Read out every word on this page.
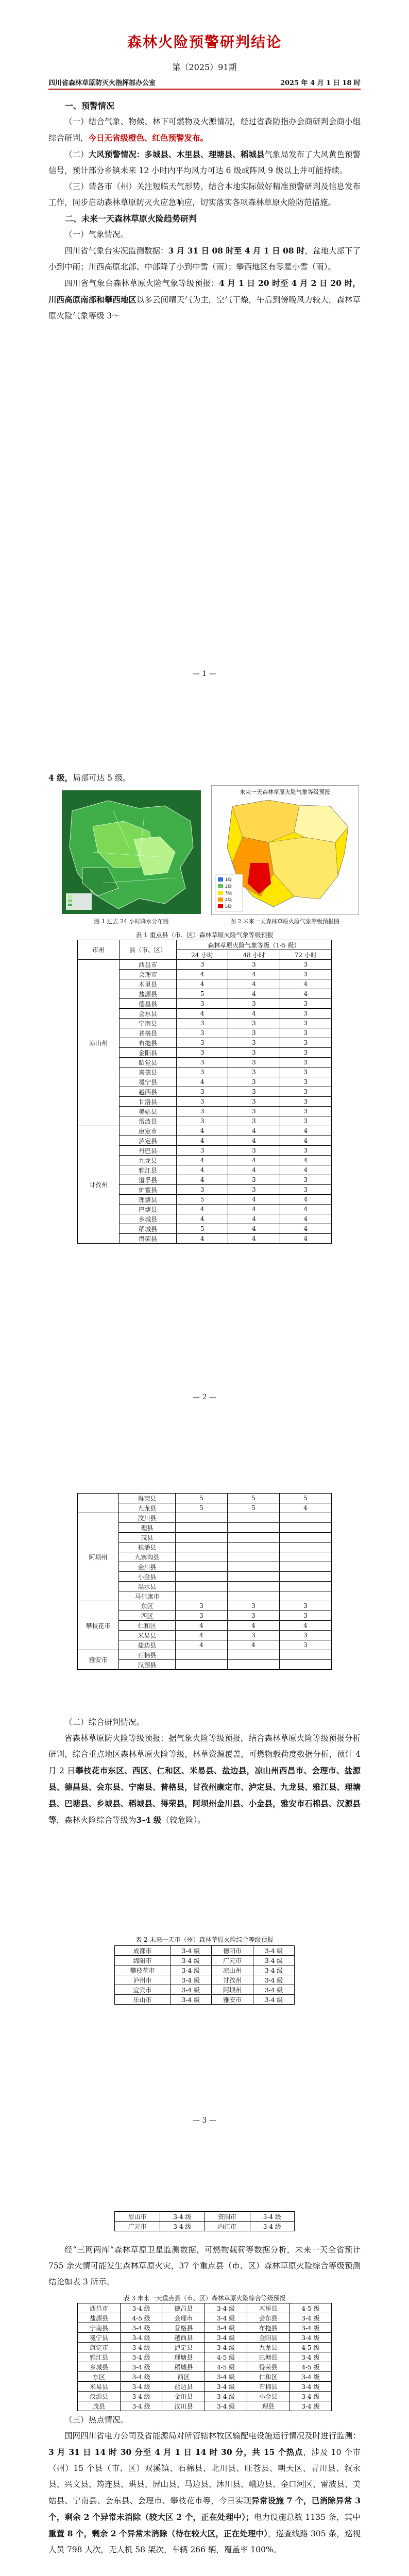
森林火险预警研判结论
第（2025）91期
四川省森林草原防灭火指挥部办公室	2025 年 4 月 1 日 18 时

一、预警情况

（一）结合气象、物候、林下可燃物及火源情况，经过省森防指办会商研判会商小组综合研判，今日无省级橙色、红色预警发布。

（二）大风预警情况：多城县、木里县、理塘县、稻城县气象局发布了大风黄色预警信号，预计部分乡镇未来 12 小时内平均风力可达 6 级或阵风 9 级以上并可能持续。

（三）请各市（州）关注短临天气形势，结合本地实际做好精准预警研判及信息发布工作，同步启动森林草原防灭火应急响应，切实落实各项森林草原火险防范措施。

二、未来一天森林草原火险趋势研判

（一）气象情况。

四川省气象台实况监测数据：3 月 31 日 08 时至 4 月 1 日 08 时，盆地大部下了小到中雨；川西高原北部、中部降了小到中雪（雨）；攀西地区有零星小雪（雨）。

四川省气象台森林草原火险气象等级预报：4 月 1 日 20 时至 4 月 2 日 20 时，川西高原南部和攀西地区以多云间晴天气为主，空气干燥，午后到傍晚风力较大，森林草原火险气象等级 3～

— 1 —

4 级，局部可达 5 级。

图 1 过去 24 小时降水分布图
未来一天森林草原火险气象等级预报
1级
2级
3级
4级
5级
图 2 未来一天森林草原火险气象等级预报图
表 1 重点县（市、区）森林草原火险气象等级预报
市州	县（市、区）	森林草原火险气象等级（1-5 级）		
		24 小时	48 小时	72 小时
凉山州	西昌市	3	3	3
	会理市	4	4	3
	木里县	4	4	4
	盐源县	5	4	4
	德昌县	3	3	3
	会东县	4	4	3
	宁南县	3	3	3
	普格县	3	3	3
	布拖县	3	3	3
	金阳县	3	3	3
	昭觉县	3	3	3
	喜德县	3	3	3
	冕宁县	4	3	3
	越西县	3	3	3
	甘洛县	3	3	3
	美姑县	3	3	3
	雷波县	3	3	3
甘孜州	康定市	4	4	4
	泸定县	4	4	4
	丹巴县	3	3	3
	九龙县	4	4	4
	雅江县	4	4	4
	道孚县	4	3	3
	炉霍县	3	3	3
	理塘县	5	4	4
	巴塘县	4	4	4
	乡城县	4	4	4
	稻城县	5	4	4
	得荣县	4	4	4
— 2 —
	得荣县	5	5	5
	九龙县	5	5	4
阿坝州	汶川县			
	理县			
	茂县			
	松潘县			
	九寨沟县			
	金川县			
	小金县			
	黑水县			
	马尔康市			
攀枝花市	东区	3	3	3
	西区	3	3	3
	仁和区	4	4	4
	米易县	4	3	3
	盐边县	4	4	3
雅安市	石棉县			
	汉源县			

（二）综合研判情况。

省森林草原防火险等级预报：据气象火险等级预报，结合森林草原火险等级预报分析研判，综合重点地区森林草原火险等级，林草资源覆盖，可燃物载荷度数据分析，预计 4 月 2 日攀枝花市东区、西区、仁和区、米易县、盐边县，凉山州西昌市、会理市、盐源县、德昌县、会东县、宁南县、普格县，甘孜州康定市、泸定县、九龙县、雅江县、理塘县、巴塘县、乡城县、稻城县、得荣县，阿坝州金川县、小金县，雅安市石棉县、汉源县等，森林火险综合等级为3-4 级（较危险）。

表 2 未来一天市（州）森林草原火险综合等级预报
成都市	3-4 级	德阳市	3-4 级
绵阳市	3-4 级	广元市	3-4 级
攀枝花市	3-4 级	凉山州	3-4 级
泸州市	3-4 级	甘孜州	3-4 级
宜宾市	3-4 级	阿坝州	3-4 级
乐山市	3-4 级	雅安市	3-4 级
— 3 —
眉山市	3-4 级	资阳市	3-4 级
广元市	3-4 级	内江市	3-4 级

经“三网两库”森林草原卫星监测数据，可燃物载荷等数据分析，未来一天全省预计 755 余火情可能发生森林草原火灾，37 个重点县（市、区）森林草原火险综合等级预测结论如表 3 所示。

表 3 未来一天重点县（市、区）森林草原火险综合等级预报
西昌市	3-4 级	德昌县	3-4 级	木里县	4-5 级
盐源县	4-5 级	会理市	3-4 级	会东县	3-4 级
宁南县	3-4 级	普格县	3-4 级	布拖县	3-4 级
冕宁县	3-4 级	越西县	3-4 级	金阳县	3-4 级
康定市	3-4 级	泸定县	3-4 级	九龙县	4-5 级
雅江县	3-4 级	理塘县	4-5 级	巴塘县	3-4 级
乡城县	3-4 级	稻城县	4-5 级	得荣县	4-5 级
东区	3-4 级	西区	3-4 级	仁和区	3-4 级
米易县	3-4 级	盐边县	3-4 级	石棉县	3-4 级
汉源县	3-4 级	金川县	3-4 级	小金县	3-4 级
茂县	3-4 级	汶川县	3-4 级	理县	3-4 级

（三）热点情况。

国网四川省电力公司及省能源局对所管辖林牧区输配电设施运行情况及时进行监测：3 月 31 日 14 时 30 分至 4 月 1 日 14 时 30 分，共 15 个热点，涉及 10 个市（州）15 个县（市、区）双溪镇、石棉县、北川县、旺苍县、朝天区、青川县、叙永县、兴文县、筠连县、珙县、屏山县、马边县、沐川县、峨边县、金口河区、雷波县、美姑县、宁南县、会东县、会理市、攀枝花市等，今日实现异常设施 7 个，已消除异常 3 个，剩余 2 个异常未消除（较大区 2 个，正在处理中）；电力设施总数 1135 条，其中重置 8 个，剩余 2 个异常未消除（待在较大区，正在处理中），巡查线路 305 条，巡视人员 798 人次，无人机 58 架次，车辆 266 辆，覆盖率 100%。
